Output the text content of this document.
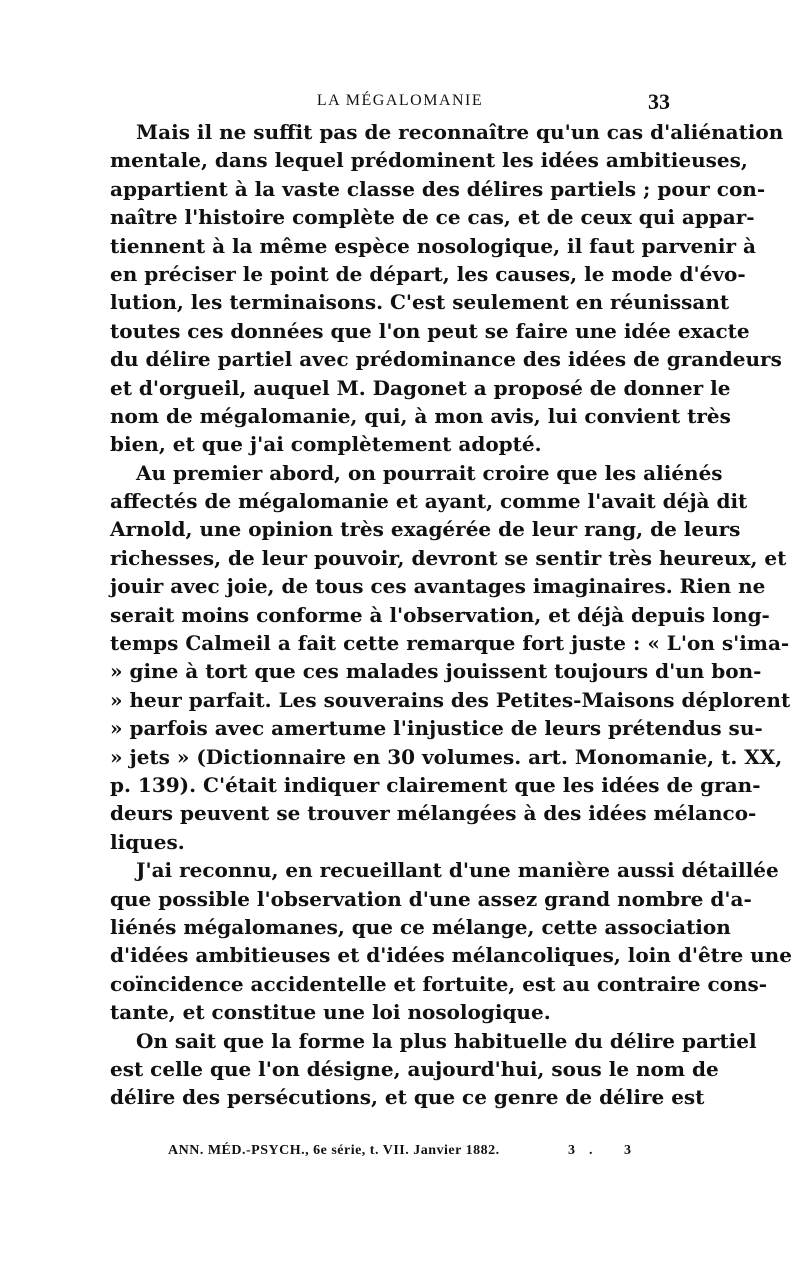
LA MÉGALOMANIE	33
Mais il ne suffit pas de reconnaître qu'un cas d'aliénation
mentale, dans lequel prédominent les idées ambitieuses,
appartient à la vaste classe des délires partiels ; pour con-
naître l'histoire complète de ce cas, et de ceux qui appar-
tiennent à la même espèce nosologique, il faut parvenir à
en préciser le point de départ, les causes, le mode d'évo-
lution, les terminaisons. C'est seulement en réunissant
toutes ces données que l'on peut se faire une idée exacte
du délire partiel avec prédominance des idées de grandeurs
et d'orgueil, auquel M. Dagonet a proposé de donner le
nom de mégalomanie, qui, à mon avis, lui convient très
bien, et que j'ai complètement adopté.
Au premier abord, on pourrait croire que les aliénés
affectés de mégalomanie et ayant, comme l'avait déjà dit
Arnold, une opinion très exagérée de leur rang, de leurs
richesses, de leur pouvoir, devront se sentir très heureux, et
jouir avec joie, de tous ces avantages imaginaires. Rien ne
serait moins conforme à l'observation, et déjà depuis long-
temps Calmeil a fait cette remarque fort juste : « L'on s'ima-
» gine à tort que ces malades jouissent toujours d'un bon-
» heur parfait. Les souverains des Petites-Maisons déplorent
» parfois avec amertume l'injustice de leurs prétendus su-
» jets » (Dictionnaire en 30 volumes. art. Monomanie, t. XX,
p. 139). C'était indiquer clairement que les idées de gran-
deurs peuvent se trouver mélangées à des idées mélanco-
liques.
J'ai reconnu, en recueillant d'une manière aussi détaillée
que possible l'observation d'une assez grand nombre d'a-
liénés mégalomanes, que ce mélange, cette association
d'idées ambitieuses et d'idées mélancoliques, loin d'être une
coïncidence accidentelle et fortuite, est au contraire cons-
tante, et constitue une loi nosologique.
On sait que la forme la plus habituelle du délire partiel
est celle que l'on désigne, aujourd'hui, sous le nom de
délire des persécutions, et que ce genre de délire est
ANN. MÉD.-PSYCH., 6e série, t. VII. Janvier 1882.	3. 3
